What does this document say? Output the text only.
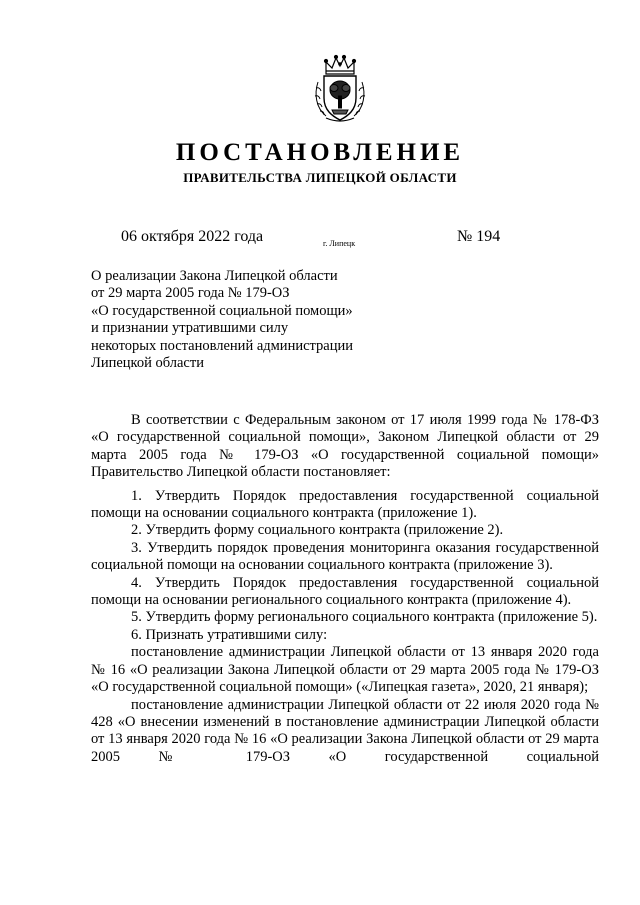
ПОСТАНОВЛЕНИЕ
ПРАВИТЕЛЬСТВА ЛИПЕЦКОЙ ОБЛАСТИ
06 октября 2022 года	г. Липецк	№ 194
О реализации Закона Липецкой области
от 29 марта 2005 года № 179-ОЗ
«О государственной социальной помощи»
и признании утратившими силу
некоторых постановлений администрации
Липецкой области

В соответствии с Федеральным законом от 17 июля 1999 года № 178-ФЗ «О государственной социальной помощи», Законом Липецкой области от 29 марта 2005 года № 179-ОЗ «О государственной социальной помощи» Правительство Липецкой области постановляет:

1. Утвердить Порядок предоставления государственной социальной помощи на основании социального контракта (приложение 1).

2. Утвердить форму социального контракта (приложение 2).

3. Утвердить порядок проведения мониторинга оказания государственной социальной помощи на основании социального контракта (приложение 3).

4. Утвердить Порядок предоставления государственной социальной помощи на основании регионального социального контракта (приложение 4).

5. Утвердить форму регионального социального контракта (приложение 5).

6. Признать утратившими силу:

постановление администрации Липецкой области от 13 января 2020 года № 16 «О реализации Закона Липецкой области от 29 марта 2005 года № 179-ОЗ «О государственной социальной помощи» («Липецкая газета», 2020, 21 января);

постановление администрации Липецкой области от 22 июля 2020 года № 428 «О внесении изменений в постановление администрации Липецкой области от 13 января 2020 года № 16 «О реализации Закона Липецкой области от 29 марта 2005 № 179-ОЗ «О государственной социальной
